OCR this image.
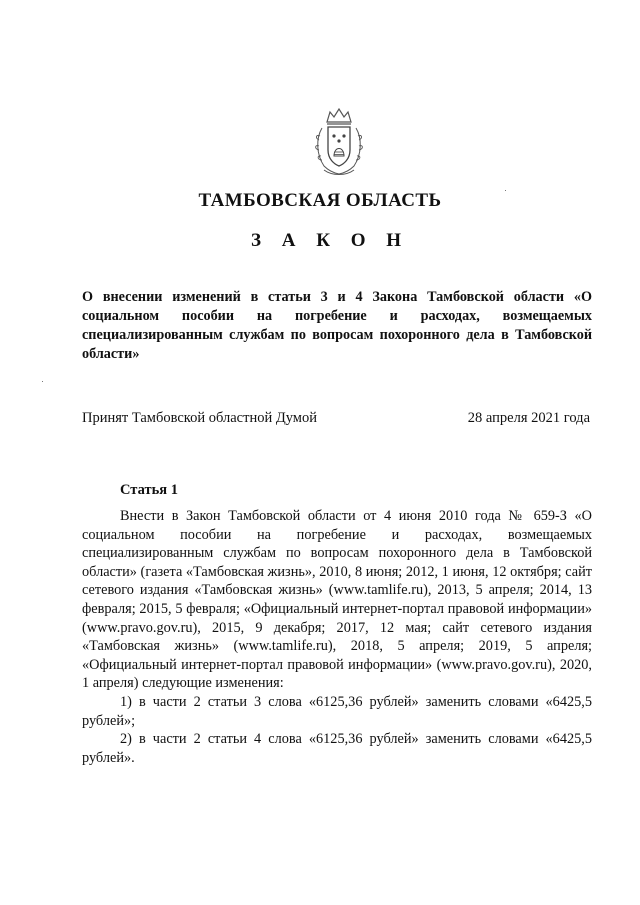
ТАМБОВСКАЯ ОБЛАСТЬ
З А К О Н
О внесении изменений в статьи 3 и 4 Закона Тамбовской области «О социальном пособии на погребение и расходах, возмещаемых специализированным службам по вопросам похоронного дела в Тамбовской области»
Принят Тамбовской областной Думой	28 апреля 2021 года
Статья 1

Внести в Закон Тамбовской области от 4 июня 2010 года № 659-З «О социальном пособии на погребение и расходах, возмещаемых специализированным службам по вопросам похоронного дела в Тамбовской области» (газета «Тамбовская жизнь», 2010, 8 июня; 2012, 1 июня, 12 октября; сайт сетевого издания «Тамбовская жизнь» (www.tamlife.ru), 2013, 5 апреля; 2014, 13 февраля; 2015, 5 февраля; «Официальный интернет-портал правовой информации» (www.pravo.gov.ru), 2015, 9 декабря; 2017, 12 мая; сайт сетевого издания «Тамбовская жизнь» (www.tamlife.ru), 2018, 5 апреля; 2019, 5 апреля; «Официальный интернет-портал правовой информации» (www.pravo.gov.ru), 2020, 1 апреля) следующие изменения:

1) в части 2 статьи 3 слова «6125,36 рублей» заменить словами «6425,5 рублей»;

2) в части 2 статьи 4 слова «6125,36 рублей» заменить словами «6425,5 рублей».
